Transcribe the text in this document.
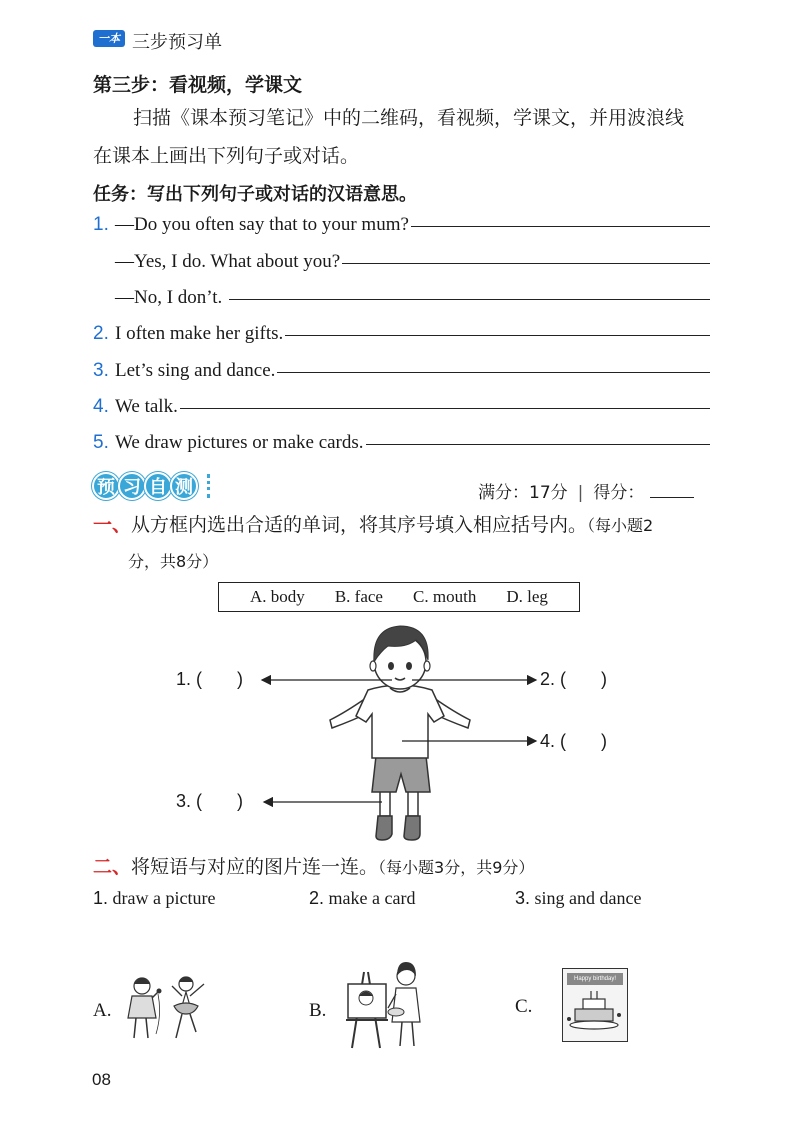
一本 三步预习单
第三步：看视频，学课文
扫描《课本预习笔记》中的二维码，看视频，学课文，并用波浪线
在课本上画出下列句子或对话。
任务：写出下列句子或对话的汉语意思。
1. —Do you often say that to your mum?
—Yes, I do. What about you?
—No, I don’t.
2. I often make her gifts.
3. Let’s sing and dance.
4. We talk.
5. We draw pictures or make cards.
预 习 自 测	满分：17分 | 得分：
一、从方框内选出合适的单词，将其序号填入相应括号内。（每小题2
分，共8分）
A. body B. face C. mouth D. leg
1. (       )	2. (       )
4. (       )
3. (       )
二、将短语与对应的图片连一连。（每小题3分，共9分）
1. draw a picture	2. make a card	3. sing and dance
A.	B.	C.
Happy birthday!
08
